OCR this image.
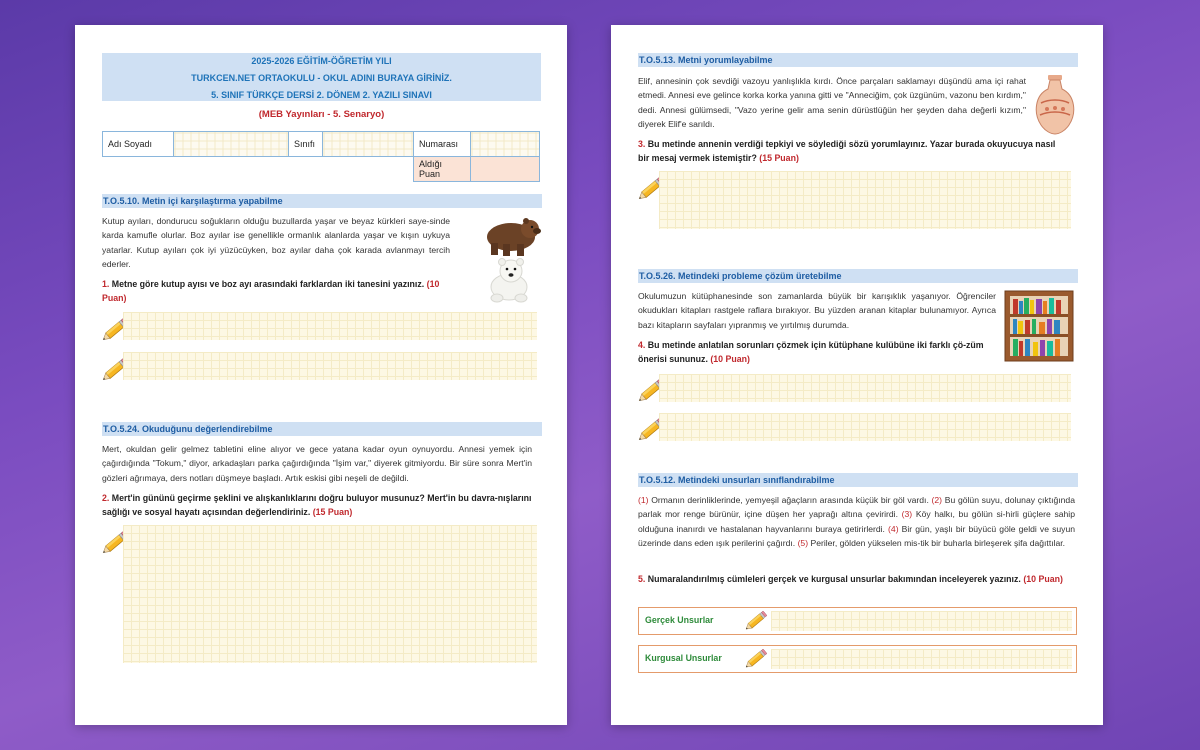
2025-2026 EĞİTİM-ÖĞRETİM YILI
TURKCEN.NET ORTAOKULU - OKUL ADINI BURAYA GİRİNİZ.
5. SINIF TÜRKÇE DERSİ 2. DÖNEM 2. YAZILI SINAVI
(MEB Yayınları - 5. Senaryo)
Adı Soyadı		Sınıfı		Numarası	
				Aldığı Puan	
T.O.5.10. Metin içi karşılaştırma yapabilme

Kutup ayıları, dondurucu soğukların olduğu buzullarda yaşar ve beyaz kürkleri saye-sinde karda kamufle olurlar. Boz ayılar ise genellikle ormanlık alanlarda yaşar ve kışın uykuya yatarlar. Kutup ayıları çok iyi yüzücüyken, boz ayılar daha çok karada avlanmayı tercih ederler.

1. Metne göre kutup ayısı ve boz ayı arasındaki farklardan iki tanesini yazınız. (10 Puan)

T.O.5.24. Okuduğunu değerlendirebilme

Mert, okuldan gelir gelmez tabletini eline alıyor ve gece yatana kadar oyun oynuyordu. Annesi yemek için çağırdığında "Tokum," diyor, arkadaşları parka çağırdığında "İşim var," diyerek gitmiyordu. Bir süre sonra Mert'in gözleri ağrımaya, ders notları düşmeye başladı. Artık eskisi gibi neşeli de değildi.

2. Mert'in gününü geçirme şeklini ve alışkanlıklarını doğru buluyor musunuz? Mert'in bu davra-nışlarını sağlığı ve sosyal hayatı açısından değerlendiriniz. (15 Puan)

T.O.5.13. Metni yorumlayabilme

Elif, annesinin çok sevdiği vazoyu yanlışlıkla kırdı. Önce parçaları saklamayı düşündü ama içi rahat etmedi. Annesi eve gelince korka korka yanına gitti ve "Anneciğim, çok üzgünüm, vazonu ben kırdım," dedi. Annesi gülümsedi, "Vazo yerine gelir ama senin dürüstlüğün her şeyden daha değerli kızım," diyerek Elif'e sarıldı.

3. Bu metinde annenin verdiği tepkiyi ve söylediği sözü yorumlayınız. Yazar burada okuyucuya nasıl bir mesaj vermek istemiştir? (15 Puan)

T.O.5.26. Metindeki probleme çözüm üretebilme

Okulumuzun kütüphanesinde son zamanlarda büyük bir karışıklık yaşanıyor. Öğrenciler okudukları kitapları rastgele raflara bırakıyor. Bu yüzden aranan kitaplar bulunamıyor. Ayrıca bazı kitapların sayfaları yıpranmış ve yırtılmış durumda.

4. Bu metinde anlatılan sorunları çözmek için kütüphane kulübüne iki farklı çö-züm önerisi sununuz. (10 Puan)

T.O.5.12. Metindeki unsurları sınıflandırabilme

(1) Ormanın derinliklerinde, yemyeşil ağaçların arasında küçük bir göl vardı. (2) Bu gölün suyu, dolunay çıktığında parlak mor renge bürünür, içine düşen her yaprağı altına çevirirdi. (3) Köy halkı, bu gölün si-hirli güçlere sahip olduğuna inanırdı ve hastalanan hayvanlarını buraya getirirlerdi. (4) Bir gün, yaşlı bir büyücü göle geldi ve suyun üzerinde dans eden ışık perilerini çağırdı. (5) Periler, gölden yükselen mis-tik bir buharla birleşerek şifa dağıttılar.

5. Numaralandırılmış cümleleri gerçek ve kurgusal unsurlar bakımından inceleyerek yazınız. (10 Puan)

Gerçek Unsurlar
Kurgusal Unsurlar
